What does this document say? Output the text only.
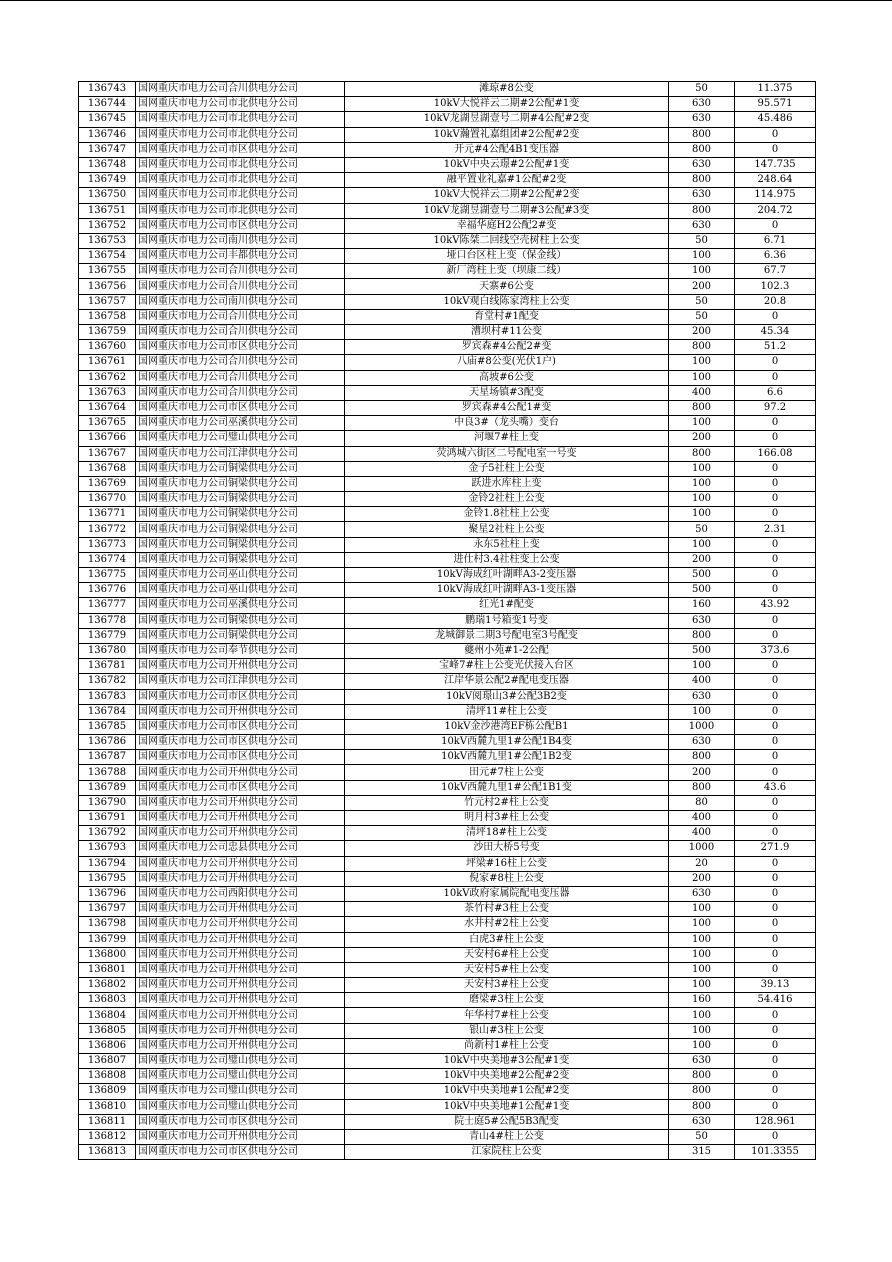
136743	国网重庆市电力公司合川供电分公司	滩琼#8公变	50	11.375
136744	国网重庆市电力公司市北供电分公司	10kV大悦祥云二期#2公配#1变	630	95.571
136745	国网重庆市电力公司市北供电分公司	10kV龙湖昱湖壹号二期#4公配#2变	630	45.486
136746	国网重庆市电力公司市北供电分公司	10kV瀚置礼嘉组团#2公配#2变	800	0
136747	国网重庆市电力公司市区供电分公司	开元#4公配4B1变压器	800	0
136748	国网重庆市电力公司市北供电分公司	10kV中央云璟#2公配#1变	630	147.735
136749	国网重庆市电力公司市北供电分公司	融平置业礼嘉#1公配#2变	800	248.64
136750	国网重庆市电力公司市北供电分公司	10kV大悦祥云二期#2公配#2变	630	114.975
136751	国网重庆市电力公司市北供电分公司	10kV龙湖昱湖壹号二期#3公配#3变	800	204.72
136752	国网重庆市电力公司市区供电分公司	幸福华庭H2公配2#变	630	0
136753	国网重庆市电力公司南川供电分公司	10kV陈桀二回线空壳树柱上公变	50	6.71
136754	国网重庆市电力公司丰都供电分公司	垭口台区柱上变（保金线）	100	6.36
136755	国网重庆市电力公司合川供电分公司	新厂湾柱上变（坝康二线）	100	67.7
136756	国网重庆市电力公司合川供电分公司	天寨#6公变	200	102.3
136757	国网重庆市电力公司南川供电分公司	10kV观白线陈家湾柱上公变	50	20.8
136758	国网重庆市电力公司合川供电分公司	育堂村#1配变	50	0
136759	国网重庆市电力公司合川供电分公司	漕坝村#11公变	200	45.34
136760	国网重庆市电力公司市区供电分公司	罗宾森#4公配2#变	800	51.2
136761	国网重庆市电力公司合川供电分公司	八庙#8公变(光伏1户)	100	0
136762	国网重庆市电力公司合川供电分公司	高坡#6公变	100	0
136763	国网重庆市电力公司合川供电分公司	天星场镇#3配变	400	6.6
136764	国网重庆市电力公司市区供电分公司	罗宾森#4公配1#变	800	97.2
136765	国网重庆市电力公司巫溪供电分公司	中良3#（龙头嘴）变台	100	0
136766	国网重庆市电力公司璧山供电分公司	河堰7#柱上变	200	0
136767	国网重庆市电力公司江津供电分公司	荧鸿城六街区二号配电室一号变	800	166.08
136768	国网重庆市电力公司铜梁供电分公司	金子5社柱上公变	100	0
136769	国网重庆市电力公司铜梁供电分公司	跃进水库柱上变	100	0
136770	国网重庆市电力公司铜梁供电分公司	金铃2社柱上公变	100	0
136771	国网重庆市电力公司铜梁供电分公司	金铃1.8社柱上公变	100	0
136772	国网重庆市电力公司铜梁供电分公司	聚星2社柱上公变	50	2.31
136773	国网重庆市电力公司铜梁供电分公司	永东5社柱上变	100	0
136774	国网重庆市电力公司铜梁供电分公司	进仕村3.4社柱变上公变	200	0
136775	国网重庆市电力公司巫山供电分公司	10kV海成红叶湖畔A3-2变压器	500	0
136776	国网重庆市电力公司巫山供电分公司	10kV海成红叶湖畔A3-1变压器	500	0
136777	国网重庆市电力公司巫溪供电分公司	红光1#配变	160	43.92
136778	国网重庆市电力公司铜梁供电分公司	鹏瑞1号箱变1号变	630	0
136779	国网重庆市电力公司铜梁供电分公司	龙城御景二期3号配电室3号配变	800	0
136780	国网重庆市电力公司奉节供电分公司	夔州小苑#1-2公配	500	373.6
136781	国网重庆市电力公司开州供电分公司	宝峰7#柱上公变光伏接入台区	100	0
136782	国网重庆市电力公司江津供电分公司	江岸华景公配2#配电变压器	400	0
136783	国网重庆市电力公司市区供电分公司	10kV阅璟山3#公配3B2变	630	0
136784	国网重庆市电力公司开州供电分公司	清坪11#柱上公变	100	0
136785	国网重庆市电力公司市区供电分公司	10kV金沙港湾EF栋公配B1	1000	0
136786	国网重庆市电力公司市区供电分公司	10kV西麓九里1#公配1B4变	630	0
136787	国网重庆市电力公司市区供电分公司	10kV西麓九里1#公配1B2变	800	0
136788	国网重庆市电力公司开州供电分公司	田元#7柱上公变	200	0
136789	国网重庆市电力公司市区供电分公司	10kV西麓九里1#公配1B1变	800	43.6
136790	国网重庆市电力公司开州供电分公司	竹元村2#柱上公变	80	0
136791	国网重庆市电力公司开州供电分公司	明月村3#柱上公变	400	0
136792	国网重庆市电力公司开州供电分公司	清坪18#柱上公变	400	0
136793	国网重庆市电力公司忠县供电分公司	沙田大桥5号变	1000	271.9
136794	国网重庆市电力公司开州供电分公司	坪梁#16柱上公变	20	0
136795	国网重庆市电力公司开州供电分公司	倪家#8柱上公变	200	0
136796	国网重庆市电力公司西阳供电分公司	10kV政府家属院配电变压器	630	0
136797	国网重庆市电力公司开州供电分公司	茶竹村#3柱上公变	100	0
136798	国网重庆市电力公司开州供电分公司	水井村#2柱上公变	100	0
136799	国网重庆市电力公司开州供电分公司	白虎3#柱上公变	100	0
136800	国网重庆市电力公司开州供电分公司	天安村6#柱上公变	100	0
136801	国网重庆市电力公司开州供电分公司	天安村5#柱上公变	100	0
136802	国网重庆市电力公司开州供电分公司	天安村3#柱上公变	100	39.13
136803	国网重庆市电力公司开州供电分公司	磨梁#3柱上公变	160	54.416
136804	国网重庆市电力公司开州供电分公司	年华村7#柱上公变	100	0
136805	国网重庆市电力公司开州供电分公司	银山#3柱上公变	100	0
136806	国网重庆市电力公司开州供电分公司	尚新村1#柱上公变	100	0
136807	国网重庆市电力公司璧山供电分公司	10kV中央美地#3公配#1变	630	0
136808	国网重庆市电力公司璧山供电分公司	10kV中央美地#2公配#2变	800	0
136809	国网重庆市电力公司璧山供电分公司	10kV中央美地#1公配#2变	800	0
136810	国网重庆市电力公司璧山供电分公司	10kV中央美地#1公配#1变	800	0
136811	国网重庆市电力公司市区供电分公司	院士庭5#公配5B3配变	630	128.961
136812	国网重庆市电力公司开州供电分公司	青山4#柱上公变	50	0
136813	国网重庆市电力公司市区供电分公司	江家院柱上公变	315	101.3355
